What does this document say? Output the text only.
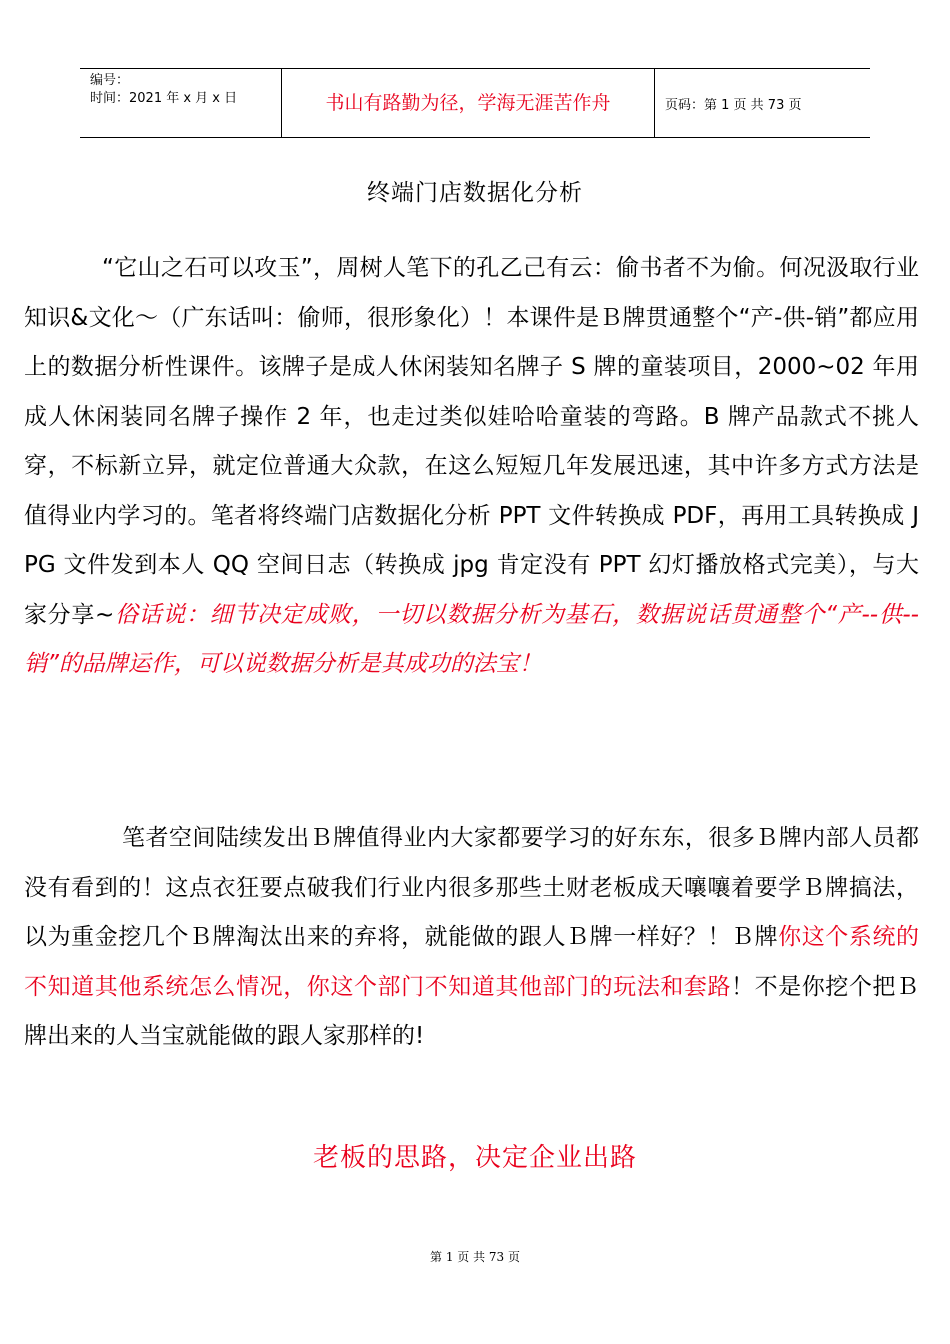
编号：
时间：2021 年 x 月 x 日	书山有路勤为径，学海无涯苦作舟	页码：第 1 页 共 73 页
终端门店数据化分析

“它山之石可以攻玉”，周树人笔下的孔乙己有云：偷书者不为偷。何况汲取行业知识&文化～（广东话叫：偷师，很形象化）！本课件是Ｂ牌贯通整个“产-供-销”都应用上的数据分析性课件。该牌子是成人休闲装知名牌子 S 牌的童装项目，2000~02 年用成人休闲装同名牌子操作 2 年，也走过类似娃哈哈童装的弯路。B 牌产品款式不挑人穿，不标新立异，就定位普通大众款，在这么短短几年发展迅速，其中许多方式方法是值得业内学习的。笔者将终端门店数据化分析 PPT 文件转换成 PDF，再用工具转换成 JPG 文件发到本人 QQ 空间日志（转换成 jpg 肯定没有 PPT 幻灯播放格式完美），与大家分享~俗话说：细节决定成败，一切以数据分析为基石，数据说话贯通整个“产--供--销”的品牌运作，可以说数据分析是其成功的法宝！

笔者空间陆续发出Ｂ牌值得业内大家都要学习的好东东，很多Ｂ牌内部人员都没有看到的！这点衣狂要点破我们行业内很多那些土财老板成天嚷嚷着要学Ｂ牌搞法，以为重金挖几个Ｂ牌淘汰出来的弃将，就能做的跟人Ｂ牌一样好？！Ｂ牌你这个系统的不知道其他系统怎么情况，你这个部门不知道其他部门的玩法和套路！不是你挖个把Ｂ牌出来的人当宝就能做的跟人家那样的!

老板的思路，决定企业出路
第 1 页 共 73 页
